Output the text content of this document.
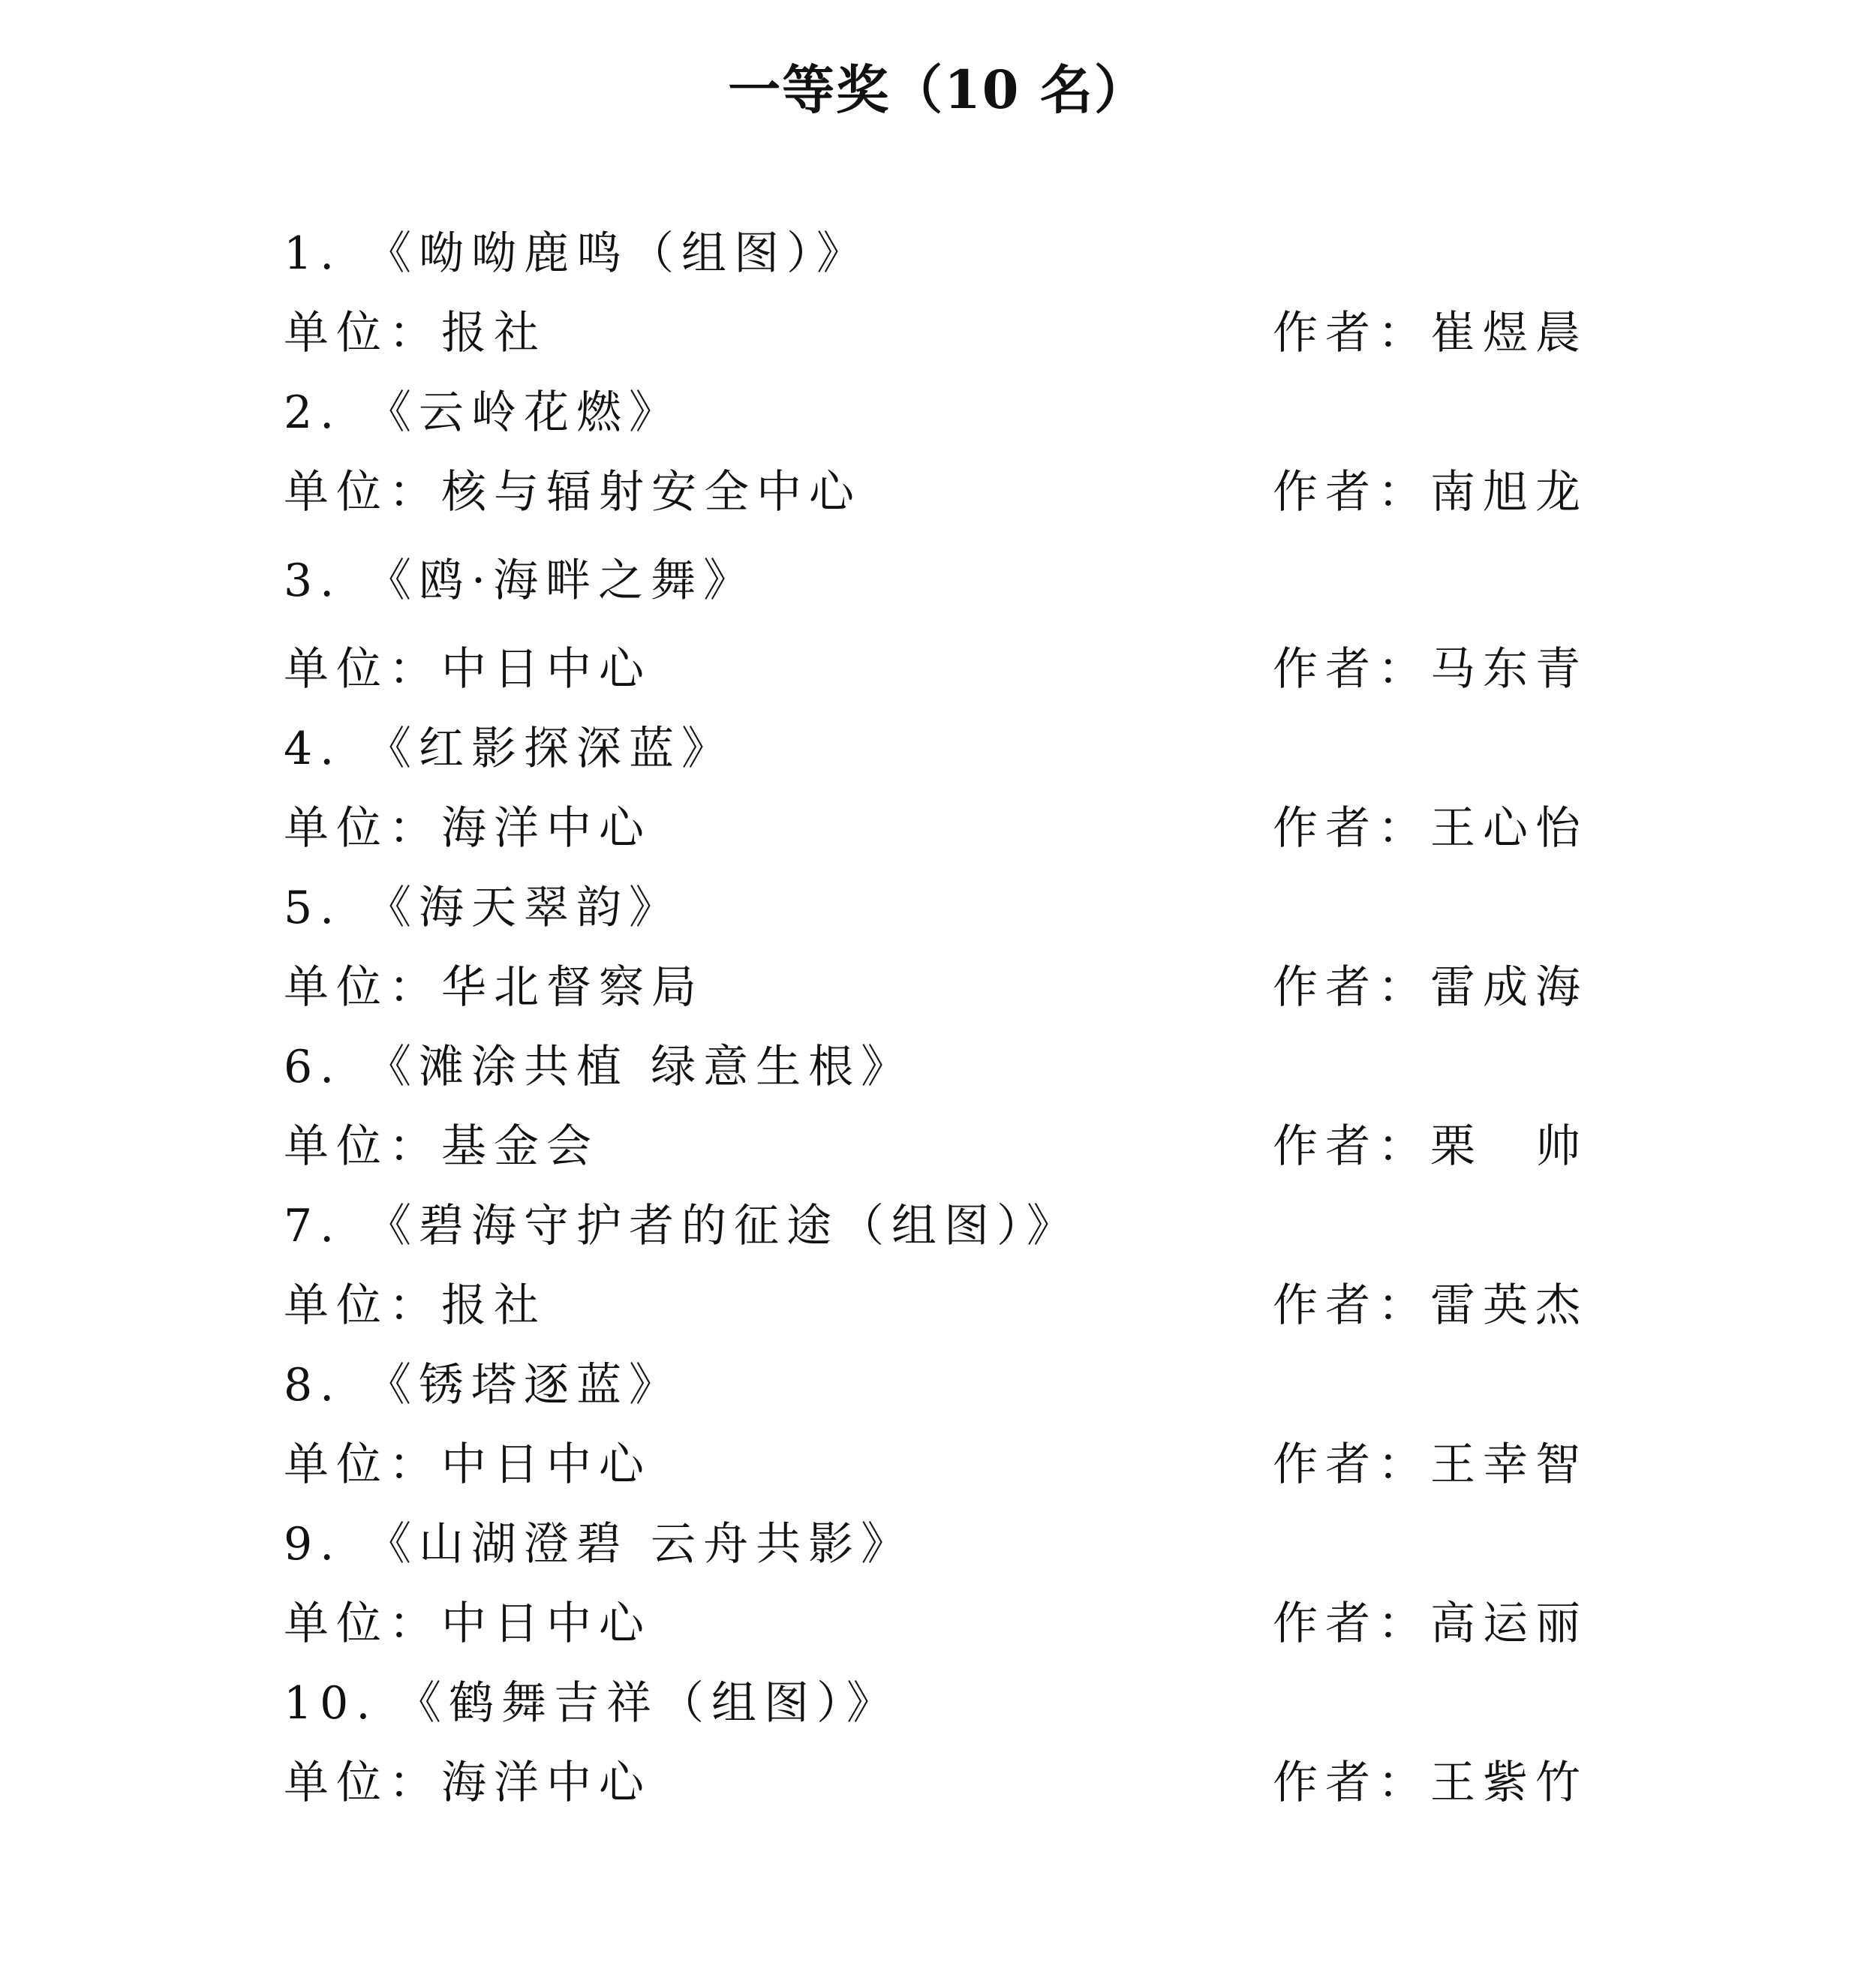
一等奖（10 名）
1. 《呦呦鹿鸣（组图）》
单位：报社	作者：崔煜晨
2. 《云岭花燃》
单位：核与辐射安全中心	作者：南旭龙
3. 《鸥·海畔之舞》
单位：中日中心	作者：马东青
4. 《红影探深蓝》
单位：海洋中心	作者：王心怡
5. 《海天翠韵》
单位：华北督察局	作者：雷成海
6. 《滩涂共植 绿意生根》
单位：基金会	作者：栗　帅
7. 《碧海守护者的征途（组图）》
单位：报社	作者：雷英杰
8. 《锈塔逐蓝》
单位：中日中心	作者：王幸智
9. 《山湖澄碧 云舟共影》
单位：中日中心	作者：高运丽
10. 《鹤舞吉祥（组图）》
单位：海洋中心	作者：王紫竹
